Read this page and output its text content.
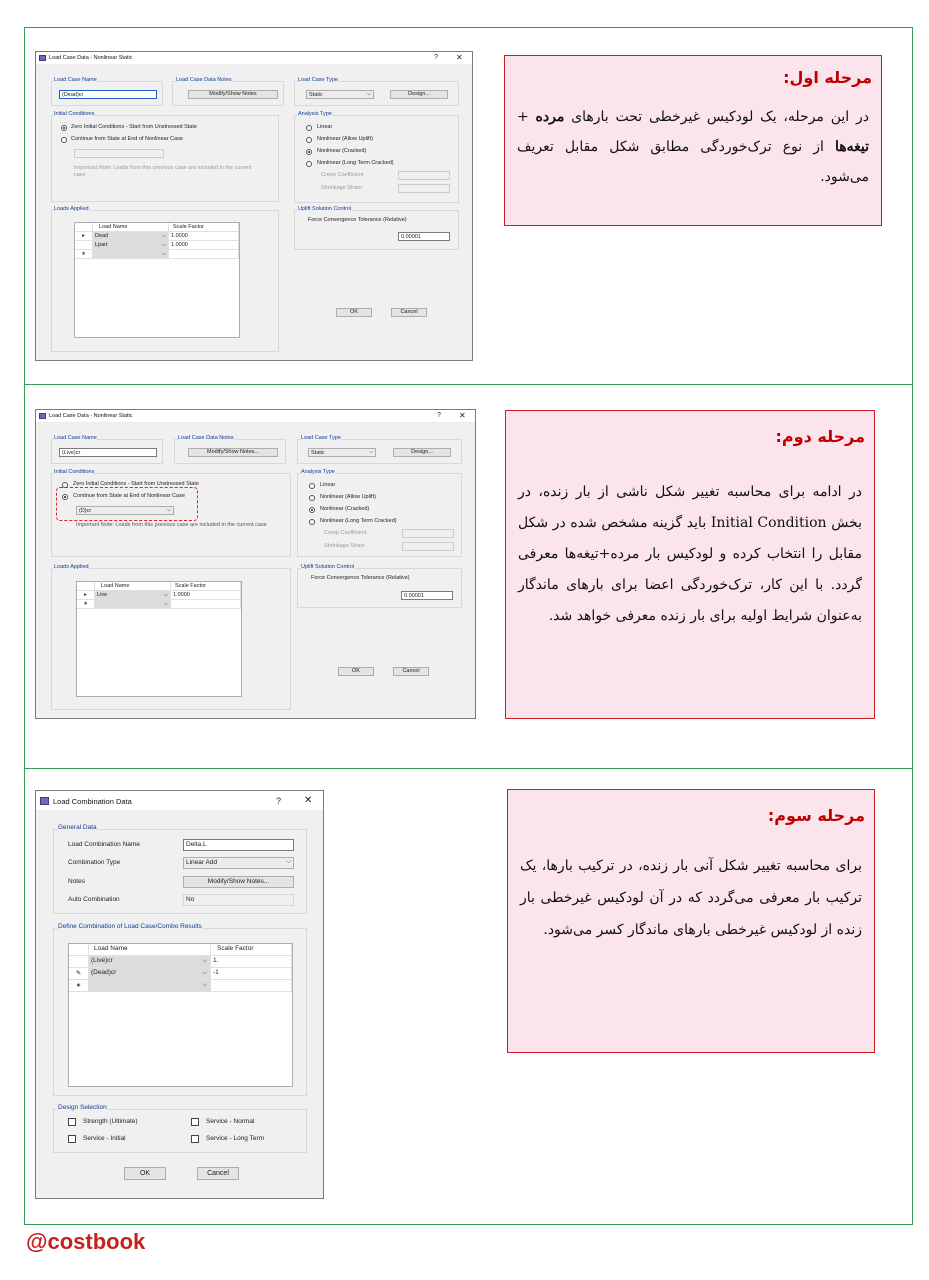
Load Case Data - Nonlinear Static	? ✕
Load Case Name
(Dead)cr
Load Case Data Notes
Modify/Show Notes
Load Case Type
Static	⌵	Design...
Initial Conditions
Zero Initial Conditions - Start from Unstressed State
Continue from State at End of Nonlinear Case
Important Note: Loads from this previous case are included in the current case
Analysis Type
Linear
Nonlinear (Allow Uplift)
Nonlinear (Cracked)
Nonlinear (Long Term Cracked)
Creep Coefficient
Shrinkage Strain
Loads Applied
Load Name	Scale Factor
▸	Dead	⌵ 1.0000
Lpart	⌵ 1.0000
∗	⌵
Uplift Solution Control
Force Convergence Tolerance (Relative)
0.00001
OK	Cancel
مرحله اول:

در این مرحله، یک لودکیس غیرخطی تحت بارهای مرده + تیغه‌ها از نوع ترک‌خوردگی مطابق شکل مقابل تعریف می‌شود.

Load Case Data - Nonlinear Static	? ✕
Load Case Name
(Live)cr
Load Case Data Notes
Modify/Show Notes...
Load Case Type
Static	⌵	Design...
Initial Conditions
Zero Initial Conditions - Start from Unstressed State
Continue from State at End of Nonlinear Case
(D)cr	⌵
Important Note: Loads from this previous case are included in the current case
Analysis Type
Linear
Nonlinear (Allow Uplift)
Nonlinear (Cracked)
Nonlinear (Long Term Cracked)
Creep Coefficient
Shrinkage Strain
Loads Applied
Load Name	Scale Factor
▸	Live	⌵ 1.0000
∗	⌵
Uplift Solution Control
Force Convergence Tolerance (Relative)
0.00001
OK	Cancel
مرحله دوم:

در ادامه برای محاسبه تغییر شکل ناشی از بار زنده، در بخش Initial Condition باید گزینه مشخص شده در شکل مقابل را انتخاب کرده و لودکیس بار مرده+تیغه‌ها معرفی گردد. با این کار، ترک‌خوردگی اعضا برای بارهای ماندگار به‌عنوان شرایط اولیه برای بار زنده معرفی خواهد شد.

Load Combination Data	? ✕
General Data
Load Combination Name	Delta,L
Combination Type	Linear Add	⌵
Notes	Modify/Show Notes...
Auto Combination	No
Define Combination of Load Case/Combo Results
Load Name	Scale Factor
(Live)cr	⌵ 1.
✎	(Dead)cr	⌵ -1
∗	⌵
Design Selection
Strength (Ultimate)	Service - Normal
Service - Initial	Service - Long Term
OK	Cancel
مرحله سوم:

برای محاسبه تغییر شکل آنی بار زنده، در ترکیب بارها، یک ترکیب بار معرفی می‌گردد که در آن لودکیس غیرخطی بار زنده از لودکیس غیرخطی بارهای ماندگار کسر می‌شود.

@costbook
